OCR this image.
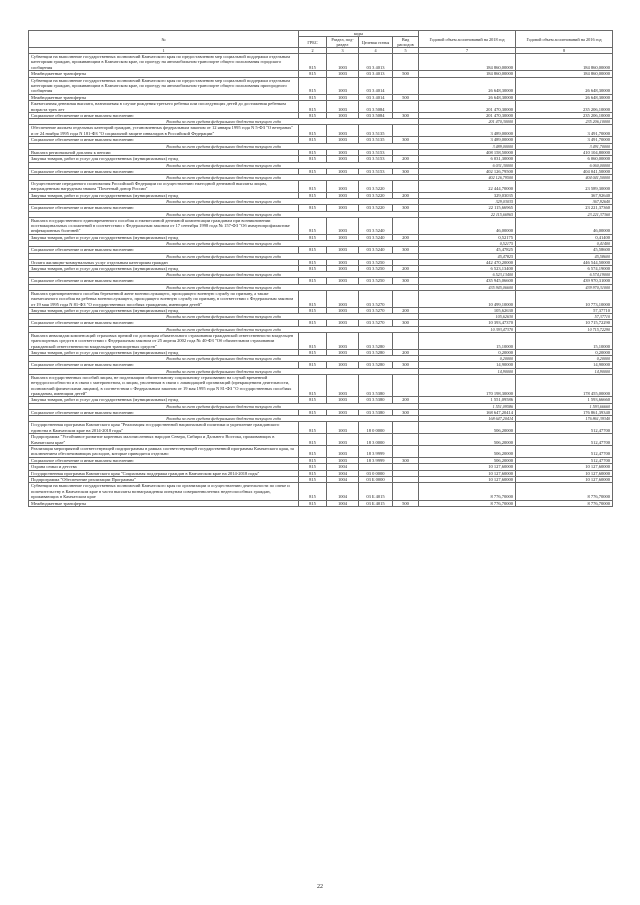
№	коды				Годовой объем ассигнований на 2018 год	Годовой объем ассигнований на 2016 год
	ГРБС	Раздел, под-раздел	Целевая статья	Вид расходов		
1	2	3	4	5	7	8
Субвенции на выполнение государственных полномочий Камчатского края по предоставлению мер социальной поддержки отдельным категориям граждан, проживающим в Камчатском крае, по проезду на автомобильном транспорте общего пользования городского сообщения	815	1003	03 3 4013		184 860,00000	184 860,00000
Межбюджетные трансферты	815	1003	03 3 4013	500	184 860,00000	184 860,00000
Субвенции на выполнение государственных полномочий Камчатского края по предоставлению мер социальной поддержки отдельным категориям граждан, проживающим в Камчатском крае, по проезду на автомобильном транспорте общего пользования пригородного сообщения	815	1003	03 3 4014		26 648,30000	26 648,30000
Межбюджетные трансферты	815	1003	03 3 4014	500	26 648,30000	26 648,30000
Ежемесячная денежная выплата, назначаемая в случае рождения третьего ребенка или последующих детей до достижения ребенком возраста трех лет	815	1003	03 3 5084		201 470,30000	235 206,10000
Социальное обеспечение и иные выплаты населению	815	1003	03 3 5084	300	201 470,30000	235 206,10000
Расходы за счет средств федерального бюджета текущего года					201 470,30000	235 206,10000
Обеспечение жильем отдельных категорий граждан, установленных федеральным законом от 12 января 1995 года N 5-ФЗ "О ветеранах" и от 24 ноября 1995 года N 181-ФЗ "О социальной защите инвалидов в Российской Федерации"	815	1003	03 3 5135		3 489,00000	3 491,70000
Социальное обеспечение и иные выплаты населению	815	1003	03 3 5135	300	3 489,00000	3 491,70000
Расходы за счет средств федерального бюджета текущего года					3 489,00000	3 491,70000
Выплата региональной доплаты к пенсии	815	1003	03 3 5153		408 158,50000	410 104,80000
Закупка товаров, работ и услуг для государственных (муниципальных) нужд	815	1003	03 3 5153	200	6 031,30000	6 060,00000
Расходы за счет средств федерального бюджета текущего года					6 031,30000	6 060,00000
Социальное обеспечение и иные выплаты населению	815	1003	03 3 5153	300	402 126,79500	404 041,50000
Расходы за счет средств федерального бюджета текущего года					402 126,79500	404 041,50000
Осуществление переданного полномочия Российской Федерации по осуществлению ежегодной денежной выплаты лицам, награжденным нагрудным знаком "Почетный донор России"	815	1003	03 3 5220		22 444,70000	23 589,30000
Закупка товаров, работ и услуг для государственных (муниципальных) нужд	815	1003	03 3 5220	200	329,03035	367,92640
Расходы за счет средств федерального бюджета текущего года					329,03035	367,92640
Социальное обеспечение и иные выплаты населению	815	1003	03 3 5220	300	22 115,66965	23 221,37360
Расходы за счет средств федерального бюджета текущего года					22 115,66965	23 221,37360
Выплата государственного единовременного пособия и ежемесячной денежной компенсации гражданам при возникновении поствакцинальных осложнений в соответствии с Федеральным законом от 17 сентября 1998 года № 157-ФЗ "Об иммунопрофилактике инфекционных болезней"	815	1003	03 3 5240		46,00000	46,00000
Закупка товаров, работ и услуг для государственных (муниципальных) нужд	815	1003	03 3 5240	200	0,52175	0,41400
Расходы за счет средств федерального бюджета текущего года					0,52175	0,41400
Социальное обеспечение и иные выплаты населению	815	1003	03 3 5240	300	45,47825	45,58600
Расходы за счет средств федерального бюджета текущего года					45,47825	45,58600
Оплата жилищно-коммунальных услуг отдельным категориям граждан	815	1003	03 3 5250		442 470,20000	446 544,50000
Закупка товаров, работ и услуг для государственных (муниципальных) нужд	815	1003	03 3 5250	200	6 523,13400	6 574,19000
Расходы за счет средств федерального бюджета текущего года					6 523,13400	6 574,19000
Социальное обеспечение и иные выплаты населению	815	1003	03 3 5250	300	435 945,06600	439 970,31000
Расходы за счет средств федерального бюджета текущего года					435 945,06600	439 970,31000
Выплата единовременного пособия беременной жене военнослужащего, проходящего военную службу по призыву, а также ежемесячного пособия на ребенка военнослужащего, проходящего военную службу по призыву, в соответствии с Федеральным законом от 19 мая 1995 года N 81-ФЗ "О государственных пособиях гражданам, имеющим детей"	815	1003	03 3 5270		10 499,10000	10 773,10000
Закупка товаров, работ и услуг для государственных (муниципальных) нужд	815	1003	03 3 5270	200	105,62630	57,37710
Расходы за счет средств федерального бюджета текущего года					105,62630	57,37710
Социальное обеспечение и иные выплаты населению	815	1003	03 3 5270	300	10 393,47370	10 715,72290
Расходы за счет средств федерального бюджета текущего года					10 393,47370	10 715,72290
Выплата инвалидам компенсаций страховых премий по договорам обязательного страхования гражданской ответственности владельцев транспортных средств в соответствии с Федеральным законом от 25 апреля 2002 года № 40-ФЗ "Об обязательном страховании гражданской ответственности владельцев транспортных средств"	815	1003	03 3 5280		15,10000	15,10000
Закупка товаров, работ и услуг для государственных (муниципальных) нужд	815	1003	03 3 5280	200	0,20000	0,20000
Расходы за счет средств федерального бюджета текущего года					0,20000	0,20000
Социальное обеспечение и иные выплаты населению	815	1003	03 3 5280	300	14,90000	14,90000
Расходы за счет средств федерального бюджета текущего года					14,90000	14,90000
Выплата государственных пособий лицам, не подлежащим обязательному социальному страхованию на случай временной нетрудоспособности и в связи с материнством, и лицам, уволенным в связи с ликвидацией организаций (прекращением деятельности, полномочий физическими лицами), в соответствии с Федеральным законом от 19 мая 1995 года N 81-ФЗ "О государственных пособиях гражданам, имеющим детей"	815	1003	03 3 5380		170 198,30000	178 455,00000
Закупка товаров, работ и услуг для государственных (муниципальных) нужд	815	1003	03 3 5380	200	1 551,09586	1 593,66660
Расходы за счет средств федерального бюджета текущего года					1 551,09586	1 593,66660
Социальное обеспечение и иные выплаты населению	815	1003	03 3 5380	300	168 647,20414	176 861,39340
Расходы за счет средств федерального бюджета текущего года					168 647,20414	176 861,39340
Государственная программа Камчатского края "Реализация государственной национальной политики и укрепление гражданского единства в Камчатском крае на 2014-2018 годы"	815	1003	18 0 0000		506,20000	512,47700
Подпрограмма "Устойчивое развитие коренных малочисленных народов Севера, Сибири и Дальнего Востока, проживающих в Камчатском крае"	815	1003	18 3 0000		506,20000	512,47700
Реализация мероприятий соответствующей подпрограммы в рамках соответствующей государственной программы Камчатского края, за исключением обеспечивающих расходов, которые приводятся отдельно	815	1003	18 3 9999		506,20000	512,47700
Социальное обеспечение и иные выплаты населению	815	1003	18 3 9999	300	506,20000	512,47700
Охрана семьи и детства	815	1004			10 127,60000	10 127,60000
Государственная программа Камчатского края "Социальная поддержка граждан в Камчатском крае на 2014-2018 годы"	815	1004	03 0 0000		10 127,60000	10 127,60000
Подпрограмма "Обеспечение реализации Программы"	815	1004	03 Б 0000		10 127,60000	10 127,60000
Субвенции на выполнение государственных полномочий Камчатского края по организации и осуществлению деятельности по опеке и попечительству в Камчатском крае в части выплаты вознаграждения опекунам совершеннолетних недееспособных граждан, проживающих в Камчатском крае	815	1004	03 Б 4015		8 776,70000	8 776,70000
Межбюджетные трансферты	815	1004	03 Б 4015	500	8 776,70000	8 776,70000
22
